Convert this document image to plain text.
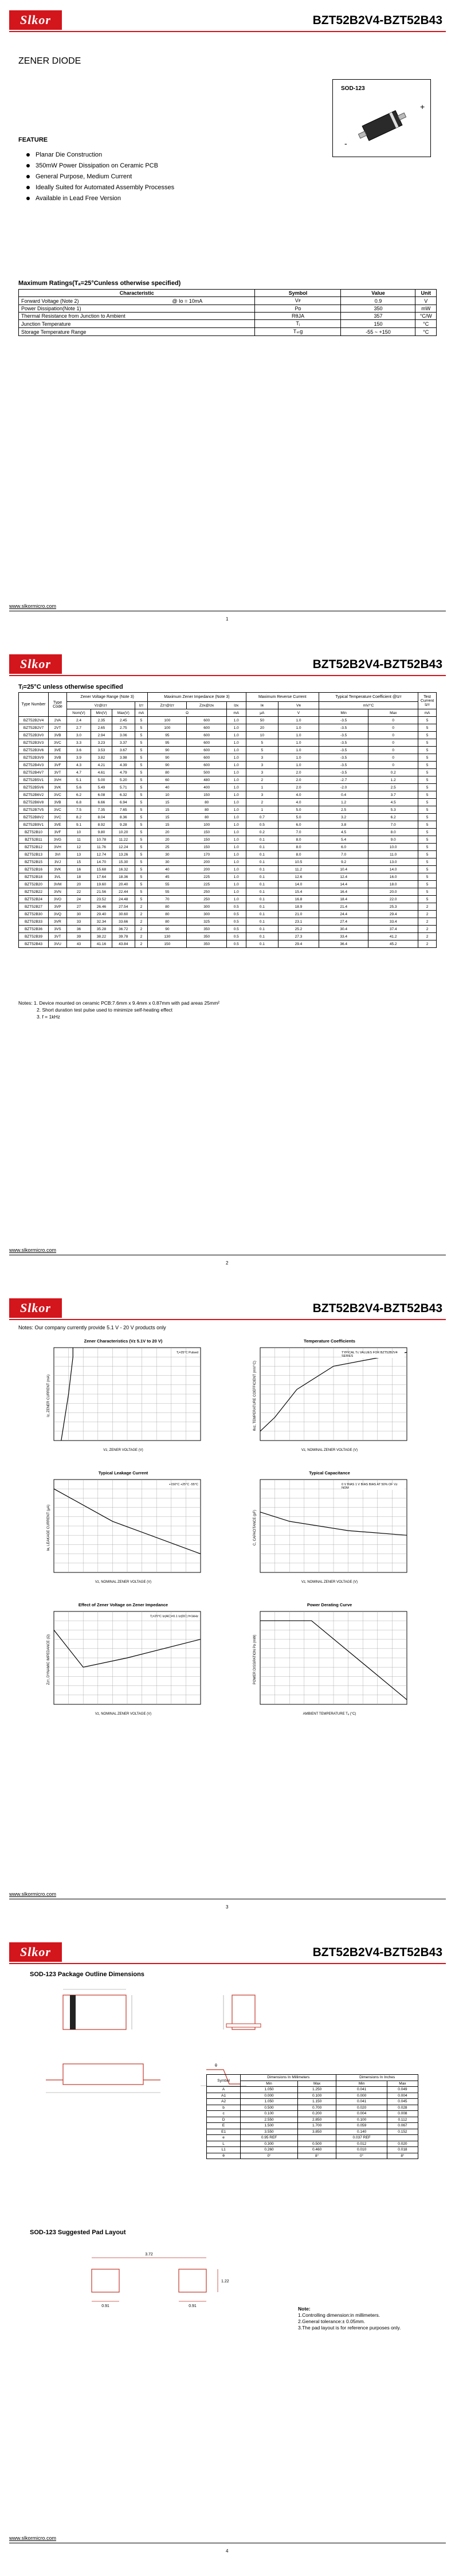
Slkor	BZT52B2V4-BZT52B43
ZENER DIODE
SOD-123
+
-
FEATURE
Planar Die Construction
350mW Power Dissipation on Ceramic PCB
General Purpose, Medium Current
Ideally Suited for Automated Assembly Processes
Available in Lead Free Version
Maximum Ratings(Tₐ=25°Cunless otherwise specified)
Characteristic		Symbol	Value	Unit
Forward Voltage (Note 2)	@ Iᴏ = 10mA	Vꜰ	0.9	V
Power Dissipation(Note 1)		Pᴅ	350	mW
Thermal Resistance from Junction to Ambient		RθJA	357	°C/W
Junction Temperature		Tⱼ	150	°C
Storage Temperature Range		Tₛₜg	-55 ~ +150	°C
www.slkormicro.com
1
Slkor	BZT52B2V4-BZT52B43
Tⱼ=25°C unless otherwise specified
Type Number	Type Code	Zener Voltage Range (Note 3)				Maximum Zener Impedance (Note 3)			Maximum Reverse Current		Typical Temperature Coefficient @Iᴢᴛ		Test Current Iᴢᴛ
		Vᴢ@Iᴢᴛ			Iᴢᴛ	Zᴢᴛ@Iᴢᴛ	Zᴢᴋ@Iᴢᴋ	Iᴢᴋ	Iʀ	Vʀ	mV/°C		
		Nom(V)	Min(V)	Max(V)	mA	Ω		mA	μA	V	Min	Max	mA
BZT52B2V4	2VA	2.4	2.35	2.45	5	100	600	1.0	50	1.0	-3.5	0	5
BZT52B2V7	2VT	2.7	2.65	2.75	5	100	600	1.0	20	1.0	-3.5	0	5
BZT52B3V0	3VB	3.0	2.94	3.06	5	95	600	1.0	10	1.0	-3.5	0	5
BZT52B3V3	3VC	3.3	3.23	3.37	5	95	600	1.0	5	1.0	-3.5	0	5
BZT52B3V6	3VE	3.6	3.53	3.67	5	90	600	1.0	5	1.0	-3.5	0	5
BZT52B3V9	3VB	3.9	3.82	3.98	5	90	600	1.0	3	1.0	-3.5	0	5
BZT52B4V3	3VF	4.3	4.21	4.39	5	90	600	1.0	3	1.0	-3.5	0	5
BZT52B4V7	3VT	4.7	4.61	4.79	5	80	500	1.0	3	2.0	-3.5	0.2	5
BZT52B5V1	3VH	5.1	5.00	5.20	5	60	480	1.0	2	2.0	-2.7	1.2	5
BZT52B5V6	3VK	5.6	5.49	5.71	5	40	400	1.0	1	2.0	-2.0	2.5	5
BZT52B6V2	3VC	6.2	6.08	6.32	5	10	150	1.0	3	4.0	0.4	3.7	5
BZT52B6V8	3VB	6.8	6.66	6.94	5	15	80	1.0	2	4.0	1.2	4.5	5
BZT52B7V5	3VC	7.5	7.35	7.65	5	15	80	1.0	1	5.0	2.5	5.3	5
BZT52B8V2	3VC	8.2	8.04	8.36	5	15	80	1.0	0.7	5.0	3.2	6.2	5
BZT52B9V1	3VE	9.1	8.92	9.28	5	15	100	1.0	0.5	6.0	3.8	7.0	5
BZT52B10	3VF	10	9.80	10.20	5	20	150	1.0	0.2	7.0	4.5	8.0	5
BZT52B11	3VG	11	10.78	11.22	5	20	150	1.0	0.1	8.0	5.4	9.0	5
BZT52B12	3VH	12	11.76	12.24	5	25	150	1.0	0.1	8.0	6.0	10.0	5
BZT52B13	3VI	13	12.74	13.26	5	30	170	1.0	0.1	8.0	7.0	11.0	5
BZT52B15	3VJ	15	14.70	15.30	5	30	200	1.0	0.1	10.5	9.2	13.0	5
BZT52B16	3VK	16	15.68	16.32	5	40	200	1.0	0.1	11.2	10.4	14.0	5
BZT52B18	3VL	18	17.64	18.36	5	45	225	1.0	0.1	12.6	12.4	16.0	5
BZT52B20	3VM	20	19.60	20.40	5	55	225	1.0	0.1	14.0	14.4	18.0	5
BZT52B22	3VN	22	21.56	22.44	5	55	250	1.0	0.1	15.4	16.4	20.0	5
BZT52B24	3VO	24	23.52	24.48	5	70	250	1.0	0.1	16.8	18.4	22.0	5
BZT52B27	3VP	27	26.46	27.54	2	80	300	0.5	0.1	18.9	21.4	25.3	2
BZT52B30	3VQ	30	29.40	30.60	2	80	300	0.5	0.1	21.0	24.4	29.4	2
BZT52B33	3VR	33	32.34	33.66	2	80	325	0.5	0.1	23.1	27.4	33.4	2
BZT52B36	3VS	36	35.28	36.72	2	90	350	0.5	0.1	25.2	30.4	37.4	2
BZT52B39	3VT	39	38.22	39.78	2	130	350	0.5	0.1	27.3	33.4	41.2	2
BZT52B43	3VU	43	41.16	43.84	2	150	350	0.5	0.1	29.4	36.4	45.2	2
Notes: 1. Device mounted on ceramic PCB:7.6mm x 9.4mm x 0.87mm with pad areas 25mm²
2. Short duration test pulse used to minimize self-heating effect
3. f = 1kHz
www.slkormicro.com
2
Slkor	BZT52B2V4-BZT52B43
Notes: Our company currently provide 5.1 V - 20 V products only
Zener Characteristics (Vᴢ 5.1V to 20 V)
Vᴢ, ZENER VOLTAGE (V)
Iᴢ, ZENER CURRENT (mA)
Tⱼ=25°C Pulsed
Temperature Coefficients
Vᴢ, NOMINAL ZENER VOLTAGE (V)
θᴠᴢ, TEMPERATURE COEFFICIENT (mV/°C)
TYPICAL Tᴄ VALUES FOR BZT52B2V4 SERIES
Typical Leakage Current
Vᴢ, NOMINAL ZENER VOLTAGE (V)
Iʀ, LEAKAGE CURRENT (μA)
+150°C +25°C -55°C
Typical Capacitance
Vᴢ, NOMINAL ZENER VOLTAGE (V)
C, CAPACITANCE (pF)
0 V BIAS 1 V BIAS BIAS AT 50% OF Vᴢ NOM
Effect of Zener Voltage on Zener Impedance
Vᴢ, NOMINAL ZENER VOLTAGE (V)
Zᴢᴛ, DYNAMIC IMPEDANCE (Ω)
Tⱼ=25°C Iᴢ(AC)=0.1 Iᴢ(DC) f=1kHz
Power Derating Curve
AMBIENT TEMPERATURE Tₐ (°C)
POWER DISSIPATION Pᴅ (mW)
www.slkormicro.com
3
Slkor	BZT52B2V4-BZT52B43
SOD-123 Package Outline Dimensions
θ
Symbol	Dimensions In Millimeters		Dimensions In Inches	
	Min	Max	Min	Max
A	1.050	1.250	0.041	0.049
A1	0.000	0.100	0.000	0.004
A2	1.050	1.150	0.041	0.045
b	0.500	0.700	0.020	0.028
c	0.100	0.200	0.004	0.008
D	2.550	2.850	0.100	0.112
E	1.500	1.700	0.059	0.067
E1	3.550	3.850	0.140	0.152
e	0.95 REF		0.037 REF	
L	0.300	0.500	0.012	0.020
L1	0.260	0.460	0.010	0.018
θ	0°	8°	0°	8°
SOD-123 Suggested Pad Layout
3.72
1.22
0.91	0.91	Note:
1.Controlling dimension:in millimeters.
2.General tolerance:± 0.05mm.
3.The pad layout is for reference purposes only.
www.slkormicro.com
4
